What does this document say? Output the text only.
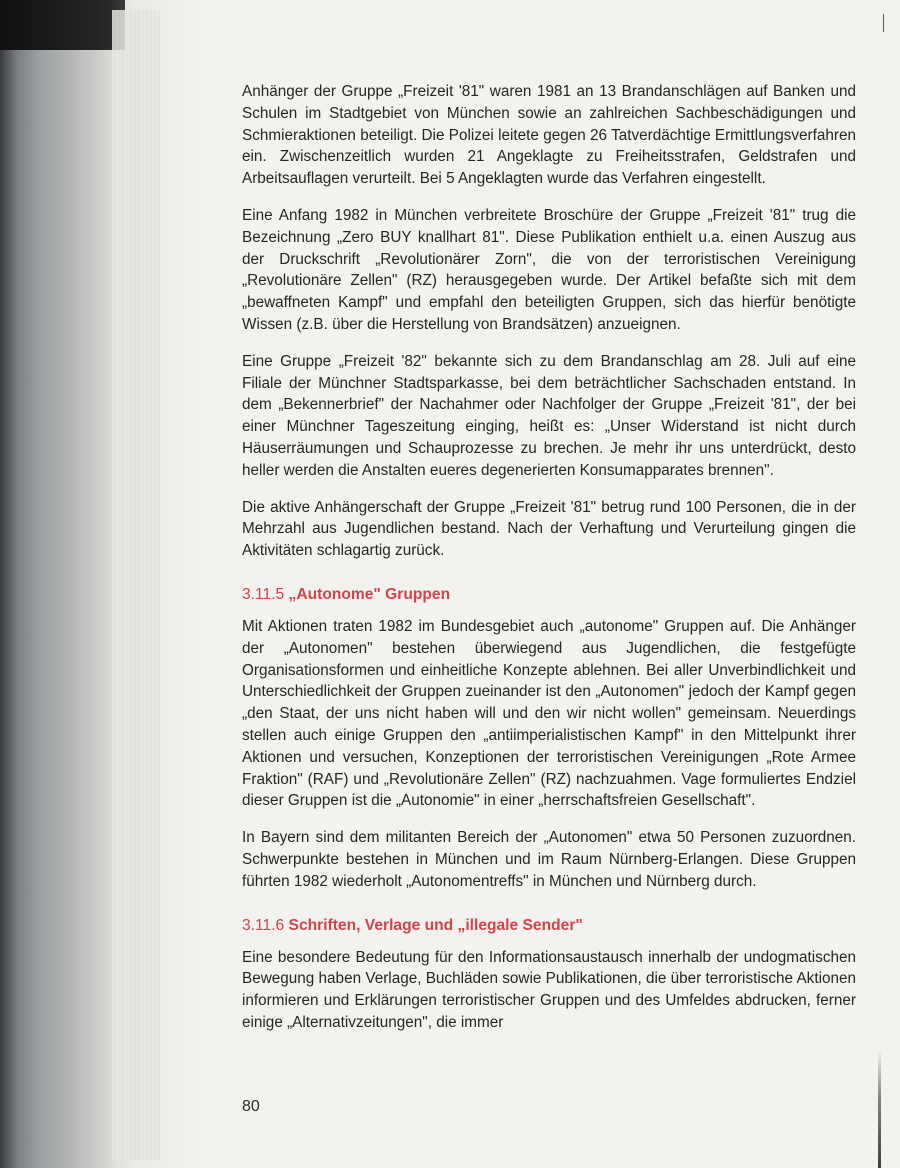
Anhänger der Gruppe „Freizeit '81" waren 1981 an 13 Brandanschlägen auf Banken und Schulen im Stadtgebiet von München sowie an zahlreichen Sachbeschädigungen und Schmieraktionen beteiligt. Die Polizei leitete gegen 26 Tatverdächtige Ermittlungsverfahren ein. Zwischenzeitlich wurden 21 Angeklagte zu Freiheitsstrafen, Geldstrafen und Arbeitsauflagen verurteilt. Bei 5 Angeklagten wurde das Verfahren eingestellt.

Eine Anfang 1982 in München verbreitete Broschüre der Gruppe „Freizeit '81" trug die Bezeichnung „Zero BUY knallhart 81". Diese Publikation enthielt u.a. einen Auszug aus der Druckschrift „Revolutionärer Zorn", die von der terroristischen Vereinigung „Revolutionäre Zellen" (RZ) herausgegeben wurde. Der Artikel befaßte sich mit dem „bewaffneten Kampf" und empfahl den beteiligten Gruppen, sich das hierfür benötigte Wissen (z.B. über die Herstellung von Brandsätzen) anzueignen.

Eine Gruppe „Freizeit '82" bekannte sich zu dem Brandanschlag am 28. Juli auf eine Filiale der Münchner Stadtsparkasse, bei dem beträchtlicher Sachschaden entstand. In dem „Bekennerbrief" der Nachahmer oder Nachfolger der Gruppe „Freizeit '81", der bei einer Münchner Tageszeitung einging, heißt es: „Unser Widerstand ist nicht durch Häuserräumungen und Schauprozesse zu brechen. Je mehr ihr uns unterdrückt, desto heller werden die Anstalten eueres degenerierten Konsumapparates brennen".

Die aktive Anhängerschaft der Gruppe „Freizeit '81" betrug rund 100 Personen, die in der Mehrzahl aus Jugendlichen bestand. Nach der Verhaftung und Verurteilung gingen die Aktivitäten schlagartig zurück.

3.11.5 „Autonome" Gruppen

Mit Aktionen traten 1982 im Bundesgebiet auch „autonome" Gruppen auf. Die Anhänger der „Autonomen" bestehen überwiegend aus Jugendlichen, die festgefügte Organisationsformen und einheitliche Konzepte ablehnen. Bei aller Unverbindlichkeit und Unterschiedlichkeit der Gruppen zueinander ist den „Autonomen" jedoch der Kampf gegen „den Staat, der uns nicht haben will und den wir nicht wollen" gemeinsam. Neuerdings stellen auch einige Gruppen den „antiimperialistischen Kampf" in den Mittelpunkt ihrer Aktionen und versuchen, Konzeptionen der terroristischen Vereinigungen „Rote Armee Fraktion" (RAF) und „Revolutionäre Zellen" (RZ) nachzuahmen. Vage formuliertes Endziel dieser Gruppen ist die „Autonomie" in einer „herrschaftsfreien Gesellschaft".

In Bayern sind dem militanten Bereich der „Autonomen" etwa 50 Personen zuzuordnen. Schwerpunkte bestehen in München und im Raum Nürnberg-Erlangen. Diese Gruppen führten 1982 wiederholt „Autonomentreffs" in München und Nürnberg durch.

3.11.6 Schriften, Verlage und „illegale Sender"

Eine besondere Bedeutung für den Informationsaustausch innerhalb der undogmatischen Bewegung haben Verlage, Buchläden sowie Publikationen, die über terroristische Aktionen informieren und Erklärungen terroristischer Gruppen und des Umfeldes abdrucken, ferner einige „Alternativzeitungen", die immer

80
